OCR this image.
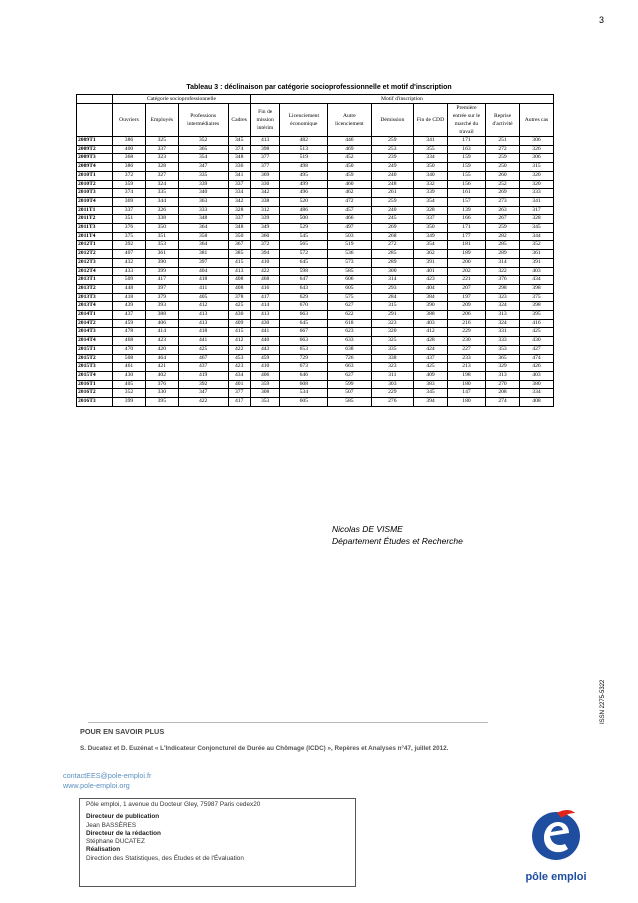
3
Tableau 3 : déclinaison par catégorie socioprofessionnelle et motif d'inscription
	Catégorie socioprofessionnelle				Motif d'inscription							
	Ouvriers	Employés	Professions intermédiaires	Cadres	Fin de mission intérim	Licenciement économique	Autre licenciement	Démission	Fin de CDD	Première entrée sur le marché du travail	Reprise d'activité	Autres cas
2009T1	386	325	352	345	413	482	446	259	341	171	251	306
2009T2	400	337	365	374	398	513	469	253	355	163	272	326
2009T3	368	323	354	348	377	519	452	239	334	159	259	306
2009T4	386	328	347	336	377	498	450	249	350	159	250	315
2010T1	372	327	335	341	369	495	459	240	340	155	260	320
2010T2	359	324	339	337	330	499	460	248	332	156	252	320
2010T3	374	335	340	334	342	496	462	261	339	161	269	333
2010T4	369	344	363	342	338	520	472	259	354	157	273	341
2011T1	337	326	333	328	312	486	457	240	328	139	263	317
2011T2	351	338	348	337	339	500	466	245	337	166	267	328
2011T3	376	350	364	348	349	529	497	269	350	171	259	345
2011T4	375	351	358	350	360	545	503	268	349	177	282	344
2012T1	392	353	364	367	372	565	519	272	354	181	285	352
2012T2	407	361	381	385	394	572	536	285	362	189	289	361
2012T3	432	390	397	415	410	645	573	289	391	200	314	391
2012T4	433	399	404	413	422	598	585	300	401	202	322	403
2013T1	509	417	418	408	468	647	606	314	423	221	376	434
2013T2	448	397	411	408	416	643	605	293	404	207	298	398
2013T3	418	379	405	378	417	629	575	284	384	197	323	375
2013T4	439	393	412	425	414	670	627	315	390	209	324	398
2014T1	437	388	413	430	413	663	622	291	388	206	313	395
2014T2	459	406	413	409	430	645	618	323	403	216	324	416
2014T3	478	414	418	415	441	667	623	320	412	229	331	425
2014T4	468	423	441	412	440	663	633	325	428	230	333	430
2015T1	470	420	425	422	443	653	638	335	424	227	353	427
2015T2	508	464	467	453	459	729	726	338	437	233	365	474
2015T3	461	421	437	423	410	673	663	323	425	213	329	426
2015T4	430	402	419	434	406	646	627	311	409	198	313	403
2016T1	405	376	392	401	359	608	599	303	383	180	270	380
2016T2	352	330	347	377	308	534	507	229	345	147	208	334
2016T3	399	395	422	417	353	605	585	276	394	180	274	408
Nicolas DE VISME
Département Études et Recherche
ISSN 2275-5322
POUR EN SAVOIR PLUS
S. Ducatez et D. Euzénat « L'Indicateur Conjoncturel de Durée au Chômage (ICDC) », Repères et Analyses n°47, juillet 2012.
contactEES@pole-emploi.fr
www.pole-emploi.org
Pôle emploi, 1 avenue du Docteur Gley, 75987 Paris cedex20
Directeur de publication
Jean BASSÈRES
Directeur de la rédaction
Stéphane DUCATEZ
Réalisation
Direction des Statistiques, des Études et de l'Évaluation
pôle emploi
